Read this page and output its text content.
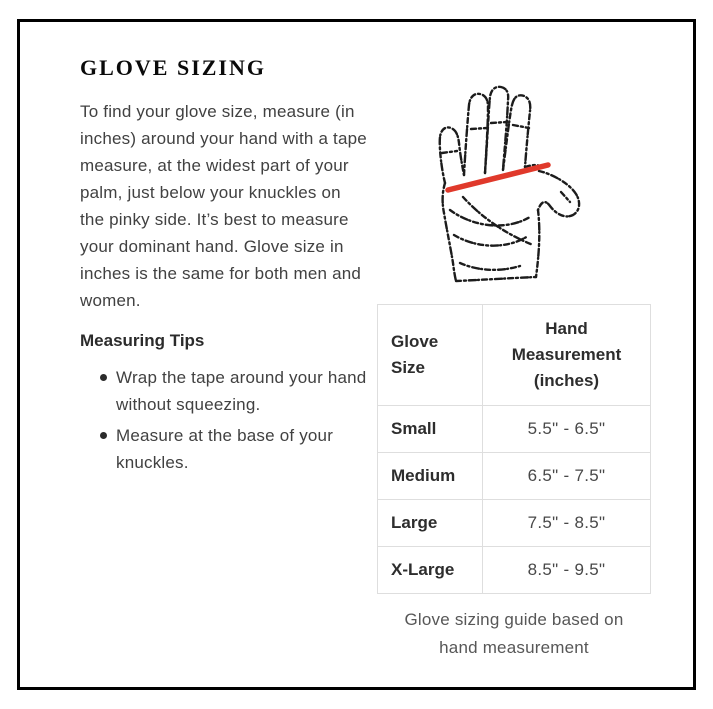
GLOVE SIZING

To find your glove size, measure (in inches) around your hand with a tape measure, at the widest part of your palm, just below your knuckles on the pinky side. It’s best to measure your dominant hand. Glove size in inches is the same for both men and women.

Measuring Tips
Wrap the tape around your hand without squeezing.
Measure at the base of your knuckles.
Glove Size	Hand Measurement (inches)
Small	5.5" - 6.5"
Medium	6.5" - 7.5"
Large	7.5" - 8.5"
X-Large	8.5" - 9.5"
Glove sizing guide based on hand measurement
